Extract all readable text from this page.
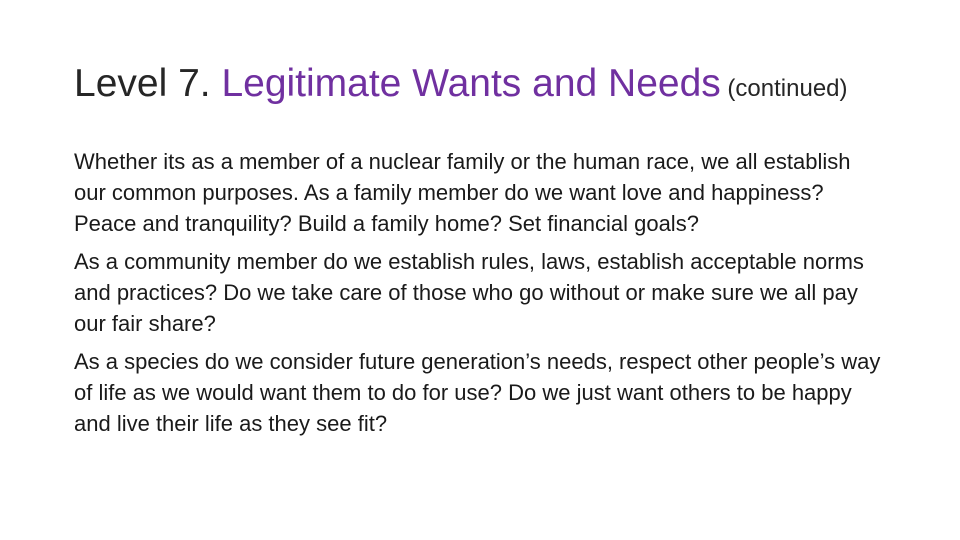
Level 7. Legitimate Wants and Needs (continued)

Whether its as a member of a nuclear family or the human race, we all establish our common purposes. As a family member do we want love and happiness? Peace and tranquility? Build a family home? Set financial goals?

As a community member do we establish rules, laws, establish acceptable norms and practices? Do we take care of those who go without or make sure we all pay our fair share?

As a species do we consider future generation’s needs, respect other people’s way of life as we would want them to do for use? Do we just want others to be happy and live their life as they see fit?
